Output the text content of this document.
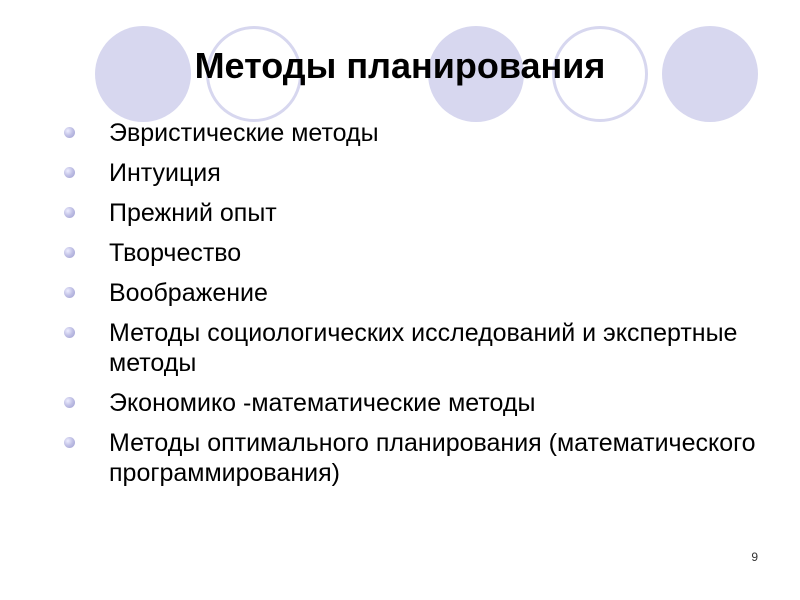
Методы планирования
Эвристические методы
Интуиция
Прежний опыт
Творчество
Воображение
Методы социологических исследований и экспертные методы
Экономико -математические методы
Методы оптимального планирования (математического программирования)
9
